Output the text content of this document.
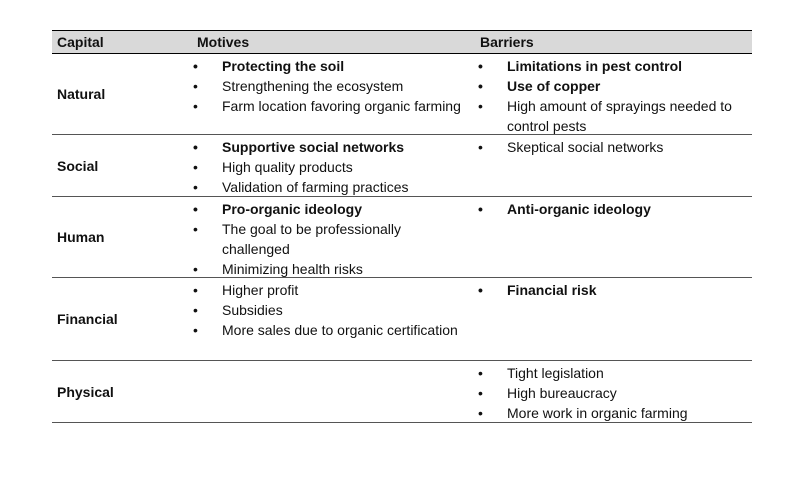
Capital	Motives	Barriers
Natural
• Protecting the soil
• Strengthening the ecosystem
• Farm location favoring organic farming
• Limitations in pest control
• Use of copper
• High amount of sprayings needed to control pests
Social
• Supportive social networks
• High quality products
• Validation of farming practices
• Skeptical social networks
Human
• Pro-organic ideology
• The goal to be professionally challenged
• Minimizing health risks
• Anti-organic ideology
Financial
• Higher profit
• Subsidies
• More sales due to organic certification
• Financial risk
Physical
• Tight legislation
• High bureaucracy
• More work in organic farming
